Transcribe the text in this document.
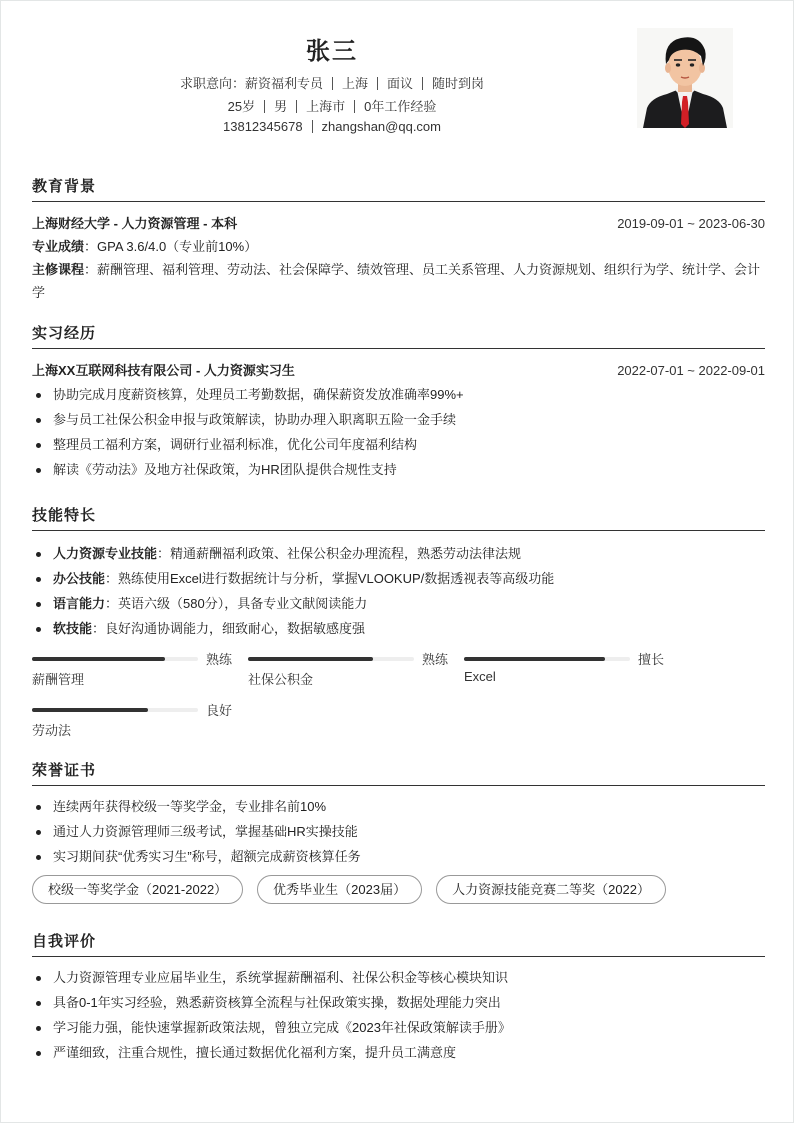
张三
求职意向：薪资福利专员 上海 面议 随时到岗
25岁 男 上海市 0年工作经验
13812345678 zhangshan@qq.com
教育背景
上海财经大学 - 人力资源管理 - 本科	2019-09-01 ~ 2023-06-30
专业成绩：GPA 3.6/4.0（专业前10%）
主修课程：薪酬管理、福利管理、劳动法、社会保障学、绩效管理、员工关系管理、人力资源规划、组织行为学、统计学、会计
学
实习经历
上海XX互联网科技有限公司 - 人力资源实习生	2022-07-01 ~ 2022-09-01
协助完成月度薪资核算，处理员工考勤数据，确保薪资发放准确率99%+
参与员工社保公积金申报与政策解读，协助办理入职离职五险一金手续
整理员工福利方案，调研行业福利标准，优化公司年度福利结构
解读《劳动法》及地方社保政策，为HR团队提供合规性支持
技能特长
人力资源专业技能：精通薪酬福利政策、社保公积金办理流程，熟悉劳动法律法规
办公技能：熟练使用Excel进行数据统计与分析，掌握VLOOKUP/数据透视表等高级功能
语言能力：英语六级（580分），具备专业文献阅读能力
软技能：良好沟通协调能力，细致耐心，数据敏感度强
熟练
薪酬管理
熟练
社保公积金
擅长
Excel
良好
劳动法
荣誉证书
连续两年获得校级一等奖学金，专业排名前10%
通过人力资源管理师三级考试，掌握基础HR实操技能
实习期间获“优秀实习生”称号，超额完成薪资核算任务
校级一等奖学金（2021-2022）	优秀毕业生（2023届）	人力资源技能竞赛二等奖（2022）
自我评价
人力资源管理专业应届毕业生，系统掌握薪酬福利、社保公积金等核心模块知识
具备0-1年实习经验，熟悉薪资核算全流程与社保政策实操，数据处理能力突出
学习能力强，能快速掌握新政策法规，曾独立完成《2023年社保政策解读手册》
严谨细致，注重合规性，擅长通过数据优化福利方案，提升员工满意度
